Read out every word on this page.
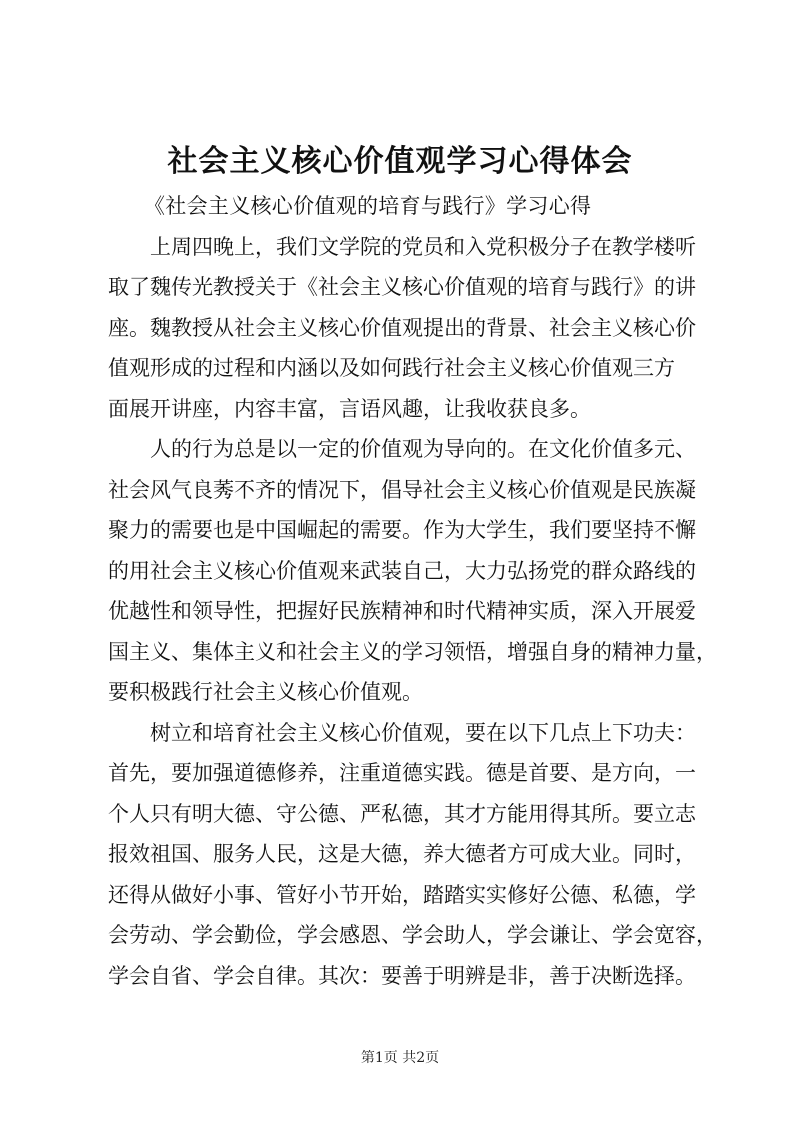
社会主义核心价值观学习心得体会
《社会主义核心价值观的培育与践行》学习心得
上周四晚上，我们文学院的党员和入党积极分子在教学楼听
取了魏传光教授关于《社会主义核心价值观的培育与践行》的讲
座。魏教授从社会主义核心价值观提出的背景、社会主义核心价
值观形成的过程和内涵以及如何践行社会主义核心价值观三方
面展开讲座，内容丰富，言语风趣，让我收获良多。
人的行为总是以一定的价值观为导向的。在文化价值多元、
社会风气良莠不齐的情况下，倡导社会主义核心价值观是民族凝
聚力的需要也是中国崛起的需要。作为大学生，我们要坚持不懈
的用社会主义核心价值观来武装自己，大力弘扬党的群众路线的
优越性和领导性，把握好民族精神和时代精神实质，深入开展爱
国主义、集体主义和社会主义的学习领悟，增强自身的精神力量，
要积极践行社会主义核心价值观。
树立和培育社会主义核心价值观，要在以下几点上下功夫：
首先，要加强道德修养，注重道德实践。德是首要、是方向，一
个人只有明大德、守公德、严私德，其才方能用得其所。要立志
报效祖国、服务人民，这是大德，养大德者方可成大业。同时，
还得从做好小事、管好小节开始，踏踏实实修好公德、私德，学
会劳动、学会勤俭，学会感恩、学会助人，学会谦让、学会宽容，
学会自省、学会自律。其次：要善于明辨是非，善于决断选择。
第1页 共2页
